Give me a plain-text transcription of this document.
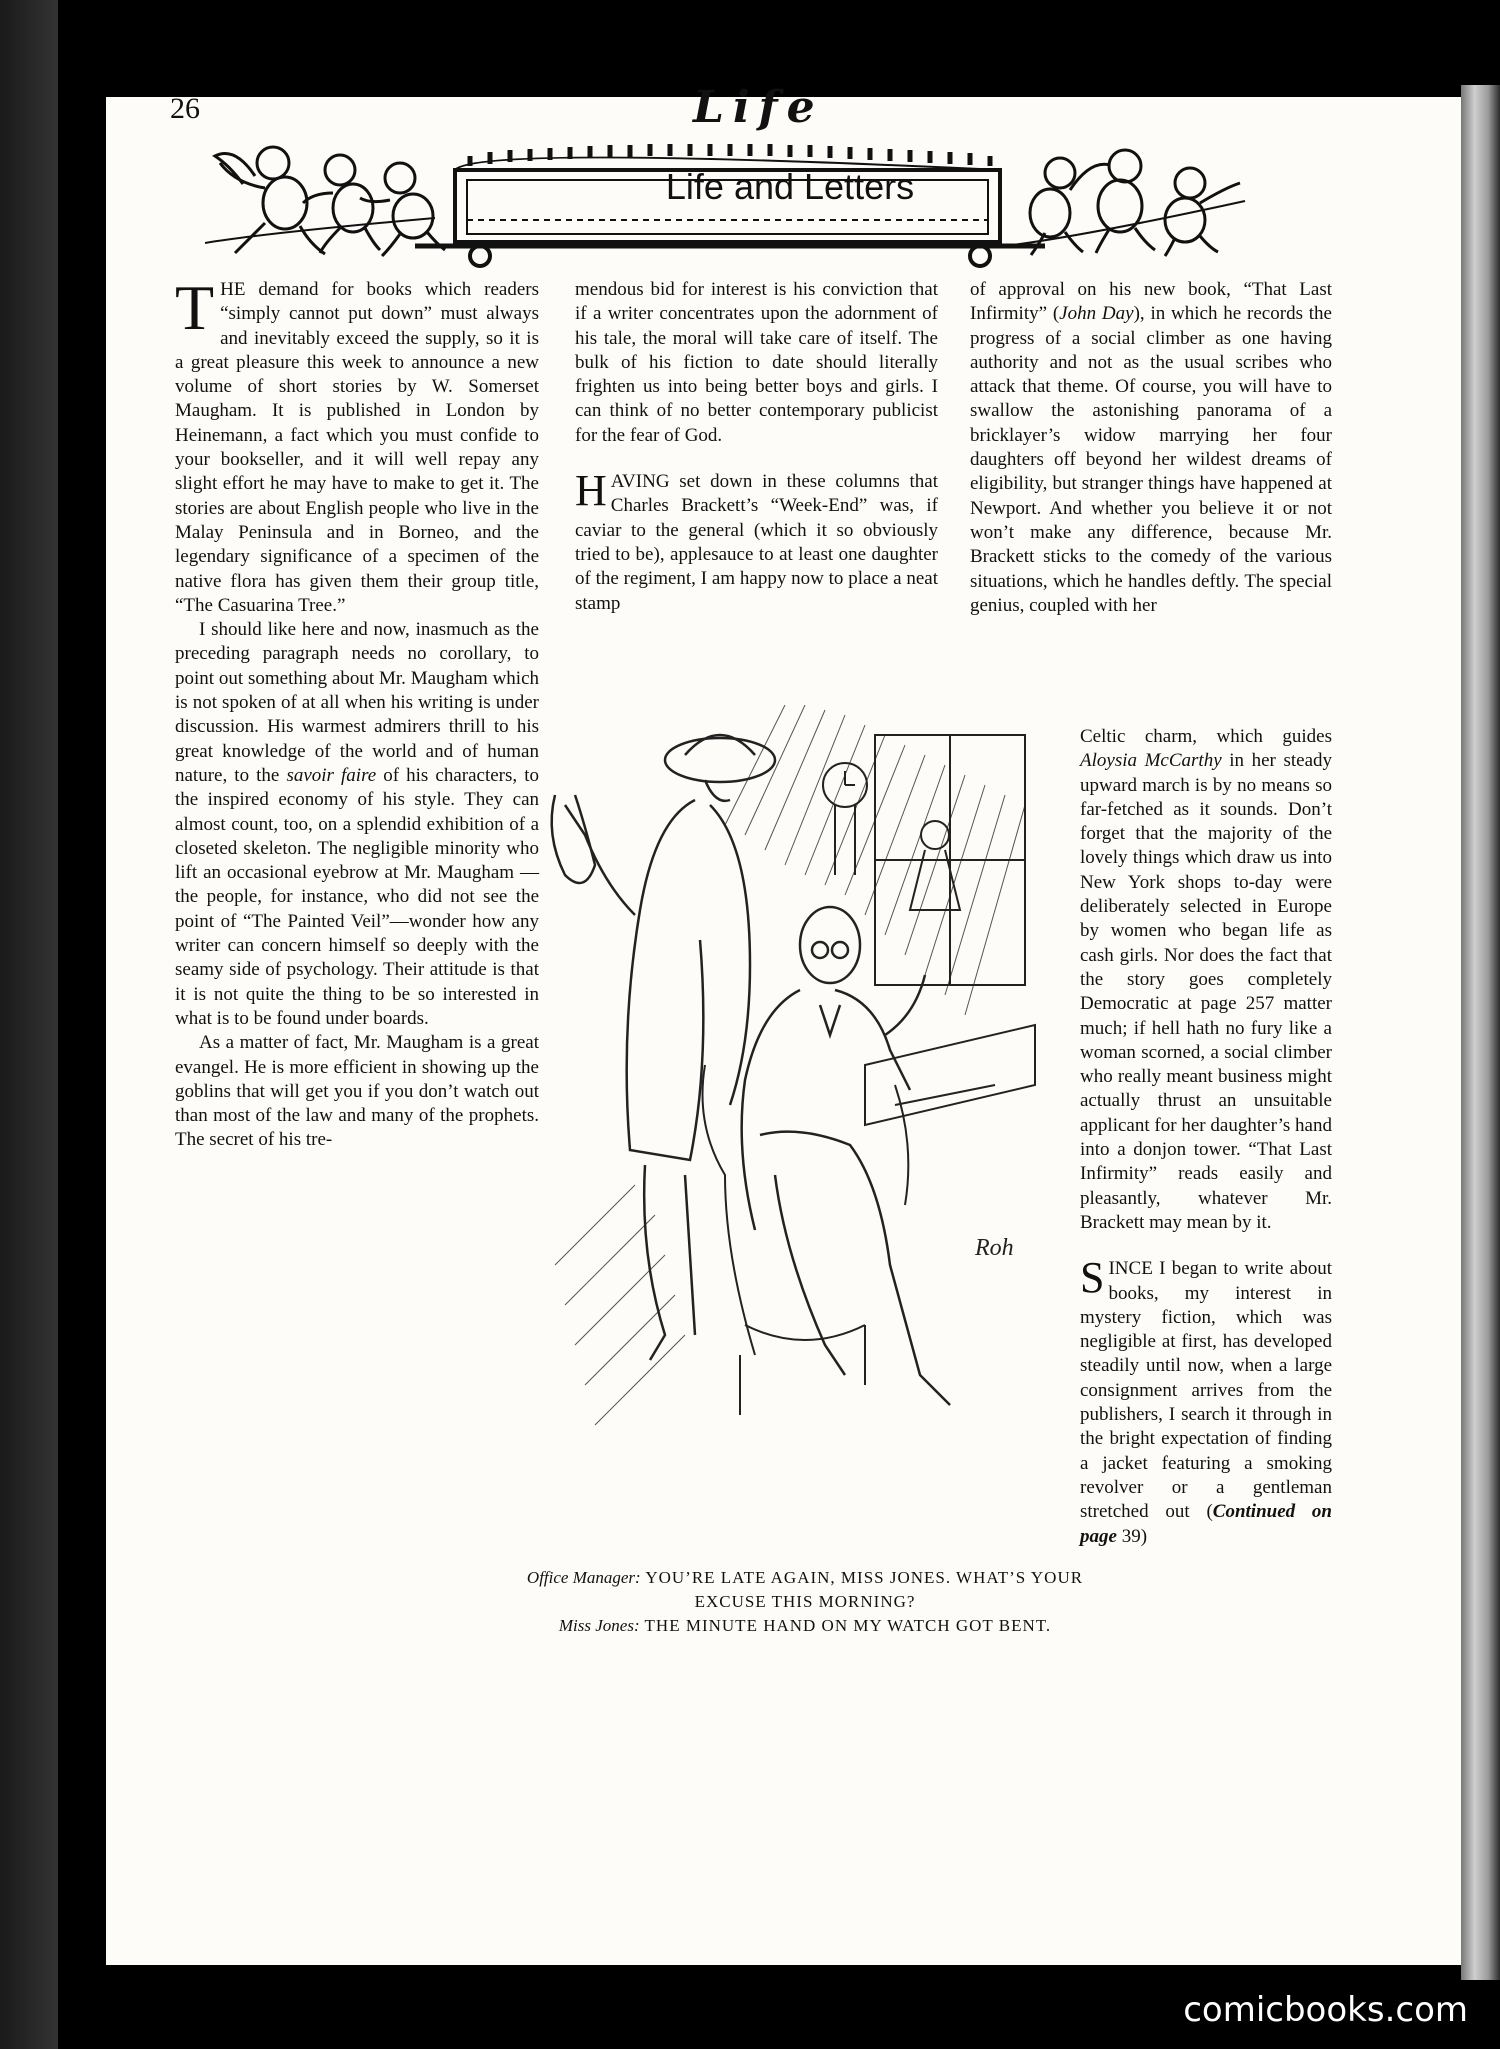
26	Life
Life and Letters

THE demand for books which readers “simply cannot put down” must always and inevitably exceed the supply, so it is a great pleasure this week to announce a new volume of short stories by W. Somerset Maugham. It is published in London by Heinemann, a fact which you must confide to your bookseller, and it will well repay any slight effort he may have to make to get it. The stories are about English people who live in the Malay Peninsula and in Borneo, and the legendary significance of a specimen of the native flora has given them their group title, “The Casuarina Tree.”

I should like here and now, inasmuch as the preceding paragraph needs no corollary, to point out something about Mr. Maugham which is not spoken of at all when his writing is under discussion. His warmest admirers thrill to his great knowledge of the world and of human nature, to the savoir faire of his characters, to the inspired economy of his style. They can almost count, too, on a splendid exhibition of a closeted skeleton. The negligible minority who lift an occasional eyebrow at Mr. Maugham — the people, for instance, who did not see the point of “The Painted Veil”—wonder how any writer can concern himself so deeply with the seamy side of psychology. Their attitude is that it is not quite the thing to be so interested in what is to be found under boards.

As a matter of fact, Mr. Maugham is a great evangel. He is more efficient in showing up the goblins that will get you if you don’t watch out than most of the law and many of the prophets. The secret of his tre-

mendous bid for interest is his conviction that if a writer concentrates upon the adornment of his tale, the moral will take care of itself. The bulk of his fiction to date should literally frighten us into being better boys and girls. I can think of no better contemporary publicist for the fear of God.

HAVING set down in these columns that Charles Brackett’s “Week-End” was, if caviar to the general (which it so obviously tried to be), applesauce to at least one daughter of the regiment, I am happy now to place a neat stamp

of approval on his new book, “That Last Infirmity” (John Day), in which he records the progress of a social climber as one having authority and not as the usual scribes who attack that theme. Of course, you will have to swallow the astonishing panorama of a bricklayer’s widow marrying her four daughters off beyond her wildest dreams of eligibility, but stranger things have happened at Newport. And whether you believe it or not won’t make any difference, because Mr. Brackett sticks to the comedy of the various situations, which he handles deftly. The special genius, coupled with her

Celtic charm, which guides Aloysia McCarthy in her steady upward march is by no means so far-fetched as it sounds. Don’t forget that the majority of the lovely things which draw us into New York shops to-day were deliberately selected in Europe by women who began life as cash girls. Nor does the fact that the story goes completely Democratic at page 257 matter much; if hell hath no fury like a woman scorned, a social climber who really meant business might actually thrust an unsuitable applicant for her daughter’s hand into a donjon tower. “That Last Infirmity” reads easily and pleasantly, whatever Mr. Brackett may mean by it.

SINCE I began to write about books, my interest in mystery fiction, which was negligible at first, has developed steadily until now, when a large consignment arrives from the publishers, I search it through in the bright expectation of finding a jacket featuring a smoking revolver or a gentleman stretched out (Continued on page 39)

Roh
Office Manager: YOU’RE LATE AGAIN, MISS JONES. WHAT’S YOUR EXCUSE THIS MORNING?
Miss Jones: THE MINUTE HAND ON MY WATCH GOT BENT.
comicbooks.com
